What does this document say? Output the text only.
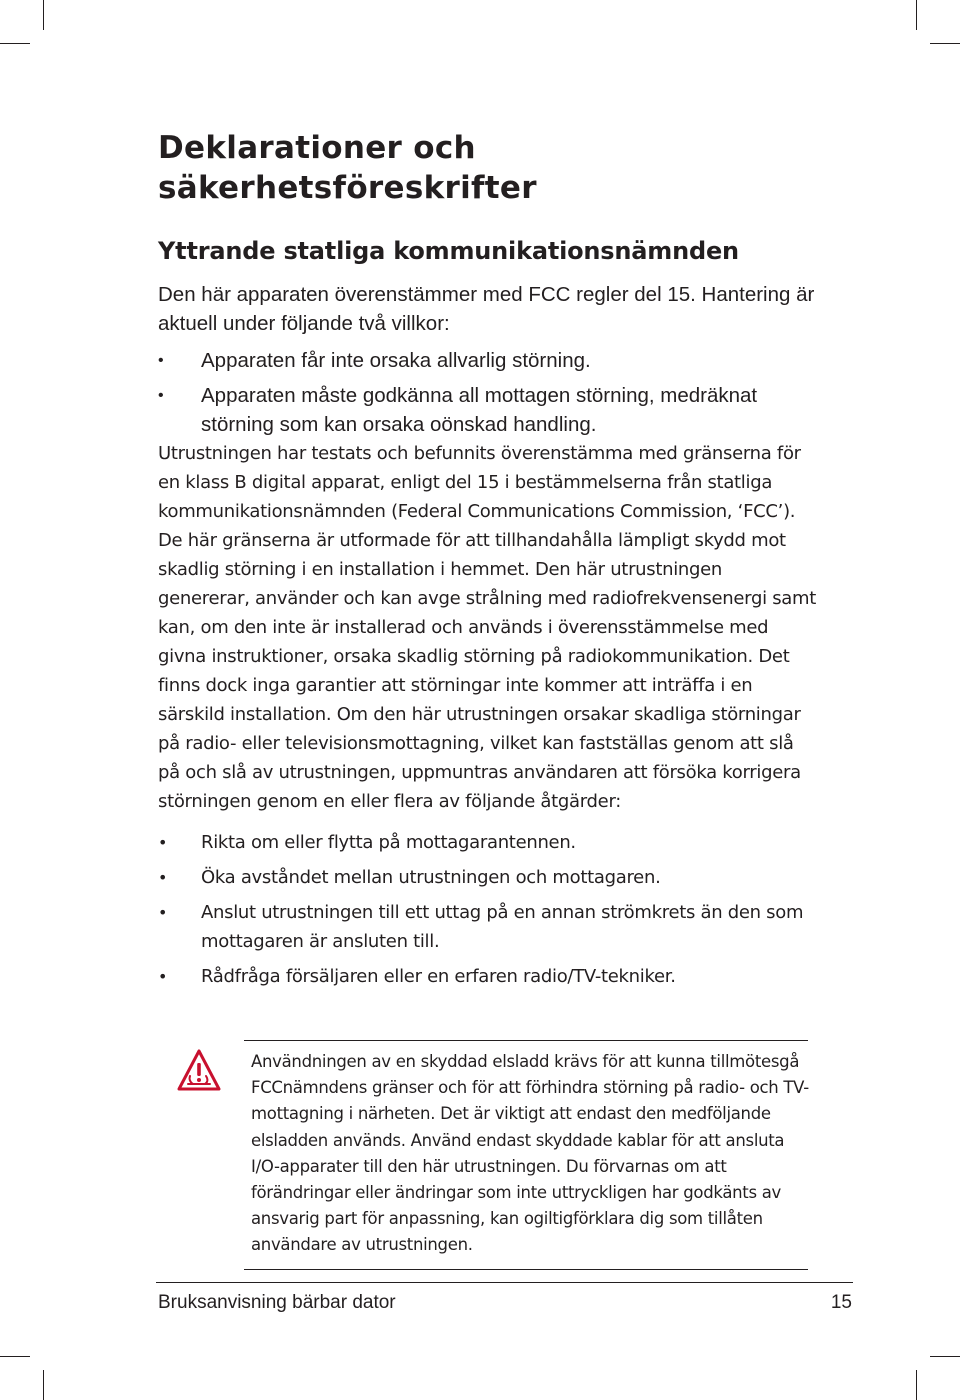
Deklarationer och säkerhetsföreskrifter
Yttrande statliga kommunikationsnämnden

Den här apparaten överenstämmer med FCC regler del 15. Hantering är aktuell under följande två villkor:

• Apparaten får inte orsaka allvarlig störning.
• Apparaten måste godkänna all mottagen störning, medräknat störning som kan orsaka oönskad handling.

Utrustningen har testats och befunnits överenstämma med gränserna för en klass B digital apparat, enligt del 15 i bestämmelserna från statliga kommunikationsnämnden (Federal Communications Commission, ‘FCC’). De här gränserna är utformade för att tillhandahålla lämpligt skydd mot skadlig störning i en installation i hemmet. Den här utrustningen genererar, använder och kan avge strålning med radiofrekvensenergi samt kan, om den inte är installerad och används i överensstämmelse med givna instruktioner, orsaka skadlig störning på radiokommunikation. Det finns dock inga garantier att störningar inte kommer att inträffa i en särskild installation. Om den här utrustningen orsakar skadliga störningar på radio- eller televisionsmottagning, vilket kan fastställas genom att slå på och slå av utrustningen, uppmuntras användaren att försöka korrigera störningen genom en eller flera av följande åtgärder:

• Rikta om eller flytta på mottagarantennen.
• Öka avståndet mellan utrustningen och mottagaren.
• Anslut utrustningen till ett uttag på en annan strömkrets än den som mottagaren är ansluten till.
• Rådfråga försäljaren eller en erfaren radio/TV-tekniker.

Användningen av en skyddad elsladd krävs för att kunna tillmötesgå FCCnämndens gränser och för att förhindra störning på radio- och TV-mottagning i närheten. Det är viktigt att endast den medföljande elsladden används. Använd endast skyddade kablar för att ansluta I/O-apparater till den här utrustningen. Du förvarnas om att förändringar eller ändringar som inte uttryckligen har godkänts av ansvarig part för anpassning, kan ogiltigförklara dig som tillåten användare av utrustningen.

Bruksanvisning bärbar dator	15
